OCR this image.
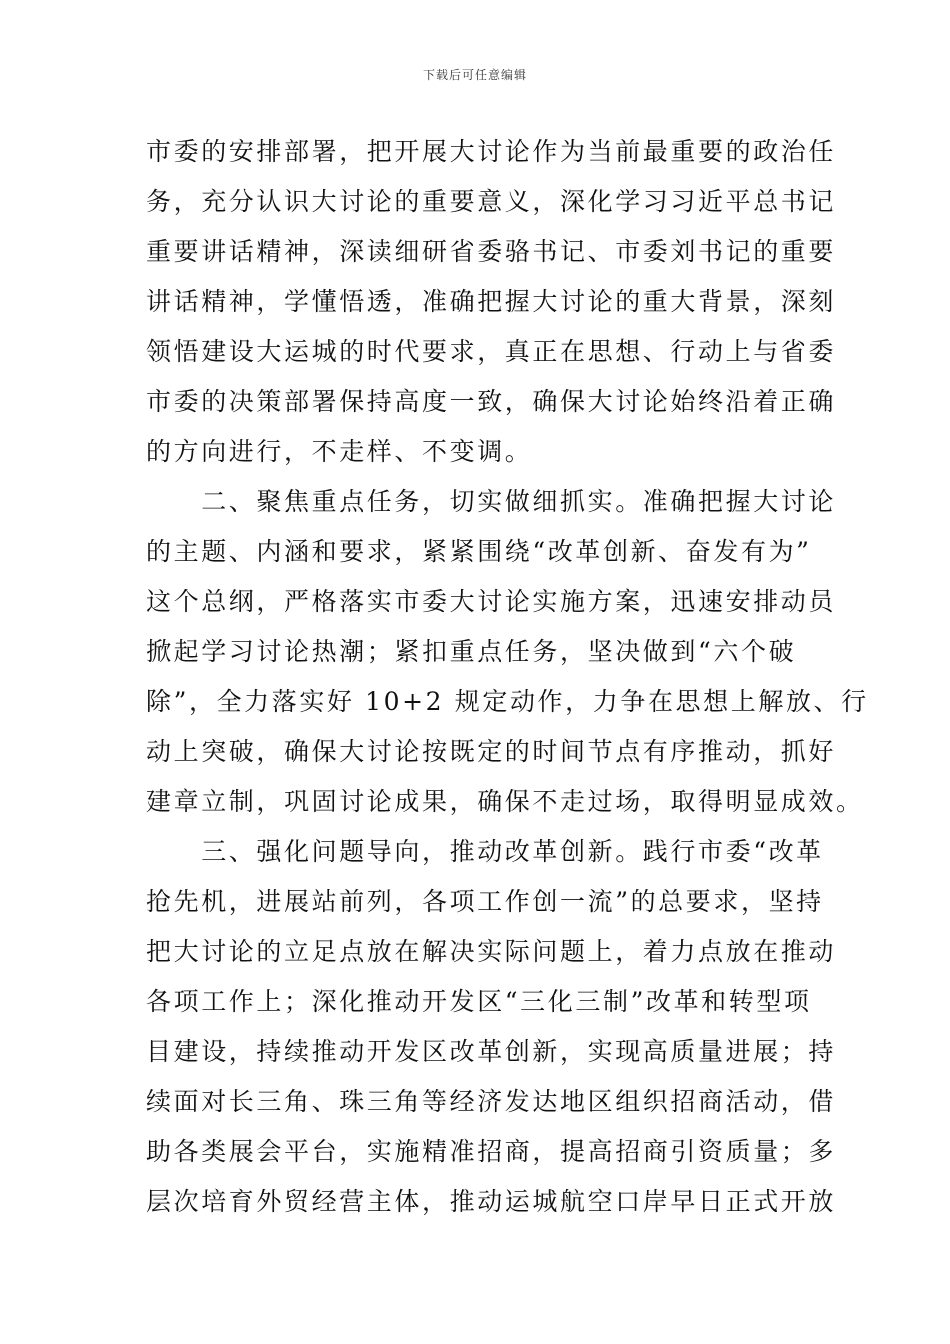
下载后可任意编辑
市委的安排部署，把开展大讨论作为当前最重要的政治任
务，充分认识大讨论的重要意义，深化学习习近平总书记
重要讲话精神，深读细研省委骆书记、市委刘书记的重要
讲话精神，学懂悟透，准确把握大讨论的重大背景，深刻
领悟建设大运城的时代要求，真正在思想、行动上与省委
市委的决策部署保持高度一致，确保大讨论始终沿着正确
的方向进行，不走样、不变调。
　　二、聚焦重点任务，切实做细抓实。准确把握大讨论
的主题、内涵和要求，紧紧围绕“改革创新、奋发有为”
这个总纲，严格落实市委大讨论实施方案，迅速安排动员
掀起学习讨论热潮；紧扣重点任务，坚决做到“六个破
除”，全力落实好 10+2 规定动作，力争在思想上解放、行
动上突破，确保大讨论按既定的时间节点有序推动，抓好
建章立制，巩固讨论成果，确保不走过场，取得明显成效。
　　三、强化问题导向，推动改革创新。践行市委“改革
抢先机，进展站前列，各项工作创一流”的总要求，坚持
把大讨论的立足点放在解决实际问题上，着力点放在推动
各项工作上；深化推动开发区“三化三制”改革和转型项
目建设，持续推动开发区改革创新，实现高质量进展；持
续面对长三角、珠三角等经济发达地区组织招商活动，借
助各类展会平台，实施精准招商，提高招商引资质量；多
层次培育外贸经营主体，推动运城航空口岸早日正式开放
